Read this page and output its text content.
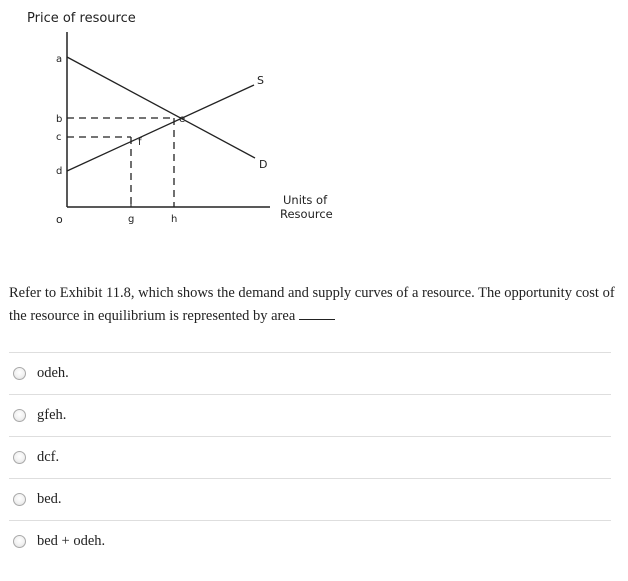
Price of resource
a
b
c
d
o	g	h
e
f
S
D
Units of
Resource
Refer to Exhibit 11.8, which shows the demand and supply curves of a resource. The opportunity cost of the resource in equilibrium is represented by area
odeh.
gfeh.
dcf.
bed.
bed + odeh.
